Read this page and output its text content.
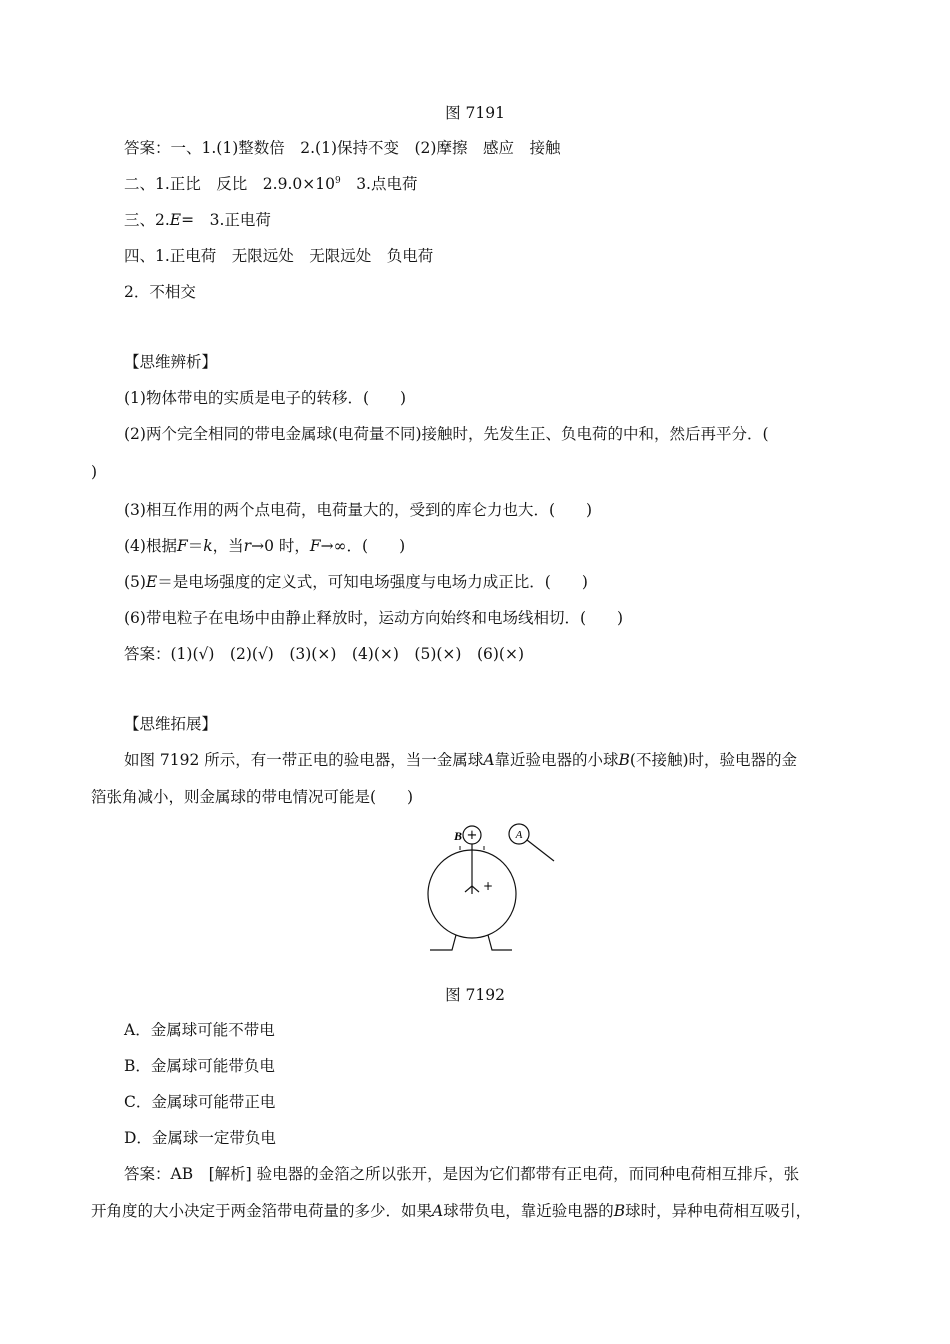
图 7191
答案：一、1.(1)整数倍　2.(1)保持不变　(2)摩擦　感应　接触
二、1.正比　反比　$2.9.0\times 10^9$　3.点电荷
三、2.E=　3.正电荷
四、1.正电荷　无限远处　无限远处　负电荷
2．不相交
【思维辨析】
(1)物体带电的实质是电子的转移．(　　)
(2)两个完全相同的带电金属球(电荷量不同)接触时，先发生正、负电荷的中和，然后再平分．(
)
(3)相互作用的两个点电荷，电荷量大的，受到的库仑力也大．(　　)
(4)根据F＝k，当r→0 时，F→∞．(　　)
(5)E＝是电场强度的定义式，可知电场强度与电场力成正比．(　　)
(6)带电粒子在电场中由静止释放时，运动方向始终和电场线相切．(　　)
答案：(1)(√)　(2)(√)　(3)(×)　(4)(×)　(5)(×)　(6)(×)
【思维拓展】
如图 7192 所示，有一带正电的验电器，当一金属球A靠近验电器的小球B(不接触)时，验电器的金
箔张角减小，则金属球的带电情况可能是(　　)
+
B
+
A
图 7192
A．金属球可能不带电
B．金属球可能带负电
C．金属球可能带正电
D．金属球一定带负电
答案：AB　[解析] 验电器的金箔之所以张开，是因为它们都带有正电荷，而同种电荷相互排斥，张
开角度的大小决定于两金箔带电荷量的多少．如果A球带负电，靠近验电器的B球时，异种电荷相互吸引，
